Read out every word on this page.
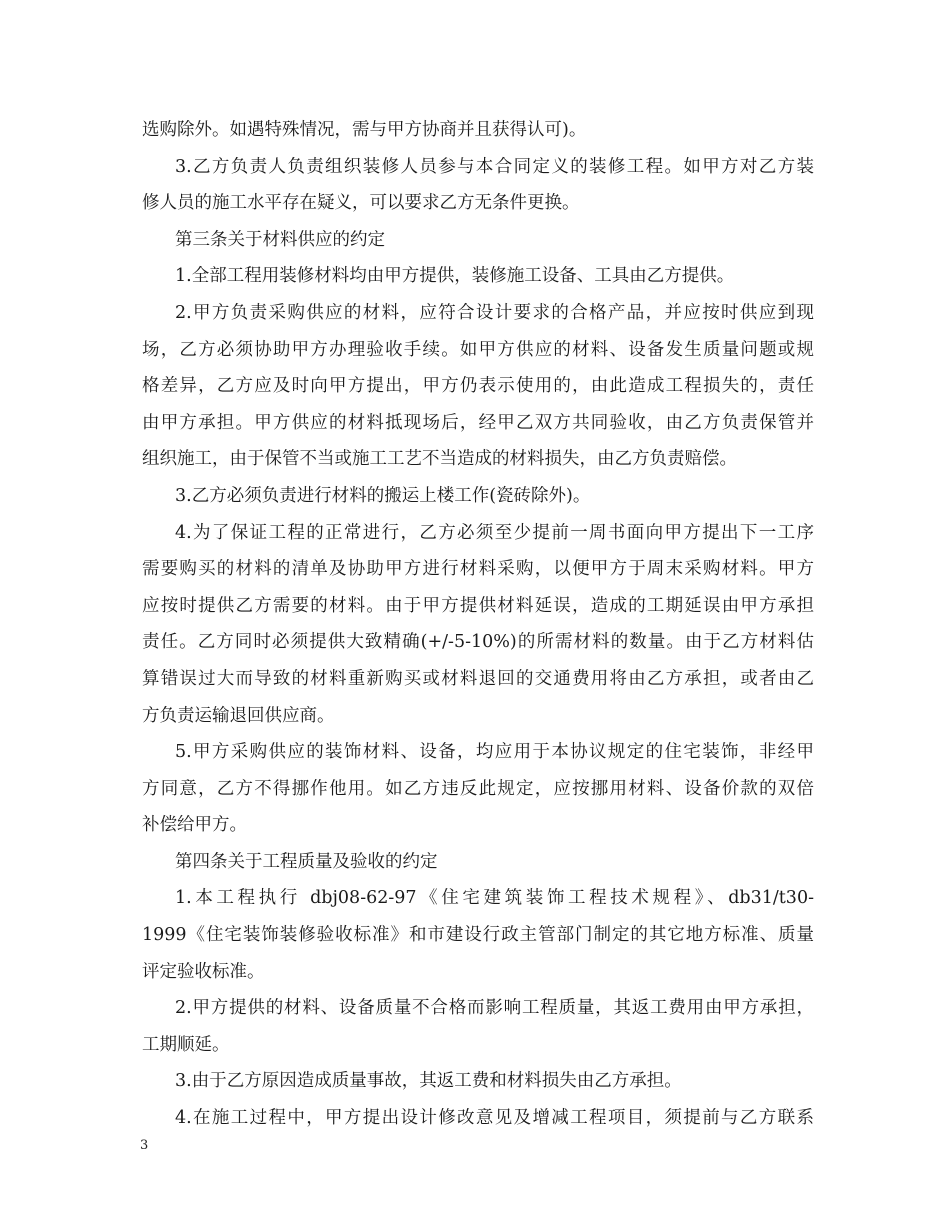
选购除外。如遇特殊情况，需与甲方协商并且获得认可)。
3.乙方负责人负责组织装修人员参与本合同定义的装修工程。如甲方对乙方装
修人员的施工水平存在疑义，可以要求乙方无条件更换。
第三条关于材料供应的约定
1.全部工程用装修材料均由甲方提供，装修施工设备、工具由乙方提供。
2.甲方负责采购供应的材料，应符合设计要求的合格产品，并应按时供应到现
场，乙方必须协助甲方办理验收手续。如甲方供应的材料、设备发生质量问题或规
格差异，乙方应及时向甲方提出，甲方仍表示使用的，由此造成工程损失的，责任
由甲方承担。甲方供应的材料抵现场后，经甲乙双方共同验收，由乙方负责保管并
组织施工，由于保管不当或施工工艺不当造成的材料损失，由乙方负责赔偿。
3.乙方必须负责进行材料的搬运上楼工作(瓷砖除外)。
4.为了保证工程的正常进行，乙方必须至少提前一周书面向甲方提出下一工序
需要购买的材料的清单及协助甲方进行材料采购，以便甲方于周末采购材料。甲方
应按时提供乙方需要的材料。由于甲方提供材料延误，造成的工期延误由甲方承担
责任。乙方同时必须提供大致精确(+/-5-10%)的所需材料的数量。由于乙方材料估
算错误过大而导致的材料重新购买或材料退回的交通费用将由乙方承担，或者由乙
方负责运输退回供应商。
5.甲方采购供应的装饰材料、设备，均应用于本协议规定的住宅装饰，非经甲
方同意，乙方不得挪作他用。如乙方违反此规定，应按挪用材料、设备价款的双倍
补偿给甲方。
第四条关于工程质量及验收的约定
1.本工程执行 dbj08-62-97《住宅建筑装饰工程技术规程》、db31/t30-
1999《住宅装饰装修验收标准》和市建设行政主管部门制定的其它地方标准、质量
评定验收标准。
2.甲方提供的材料、设备质量不合格而影响工程质量，其返工费用由甲方承担，
工期顺延。
3.由于乙方原因造成质量事故，其返工费和材料损失由乙方承担。
4.在施工过程中，甲方提出设计修改意见及增减工程项目，须提前与乙方联系
3
